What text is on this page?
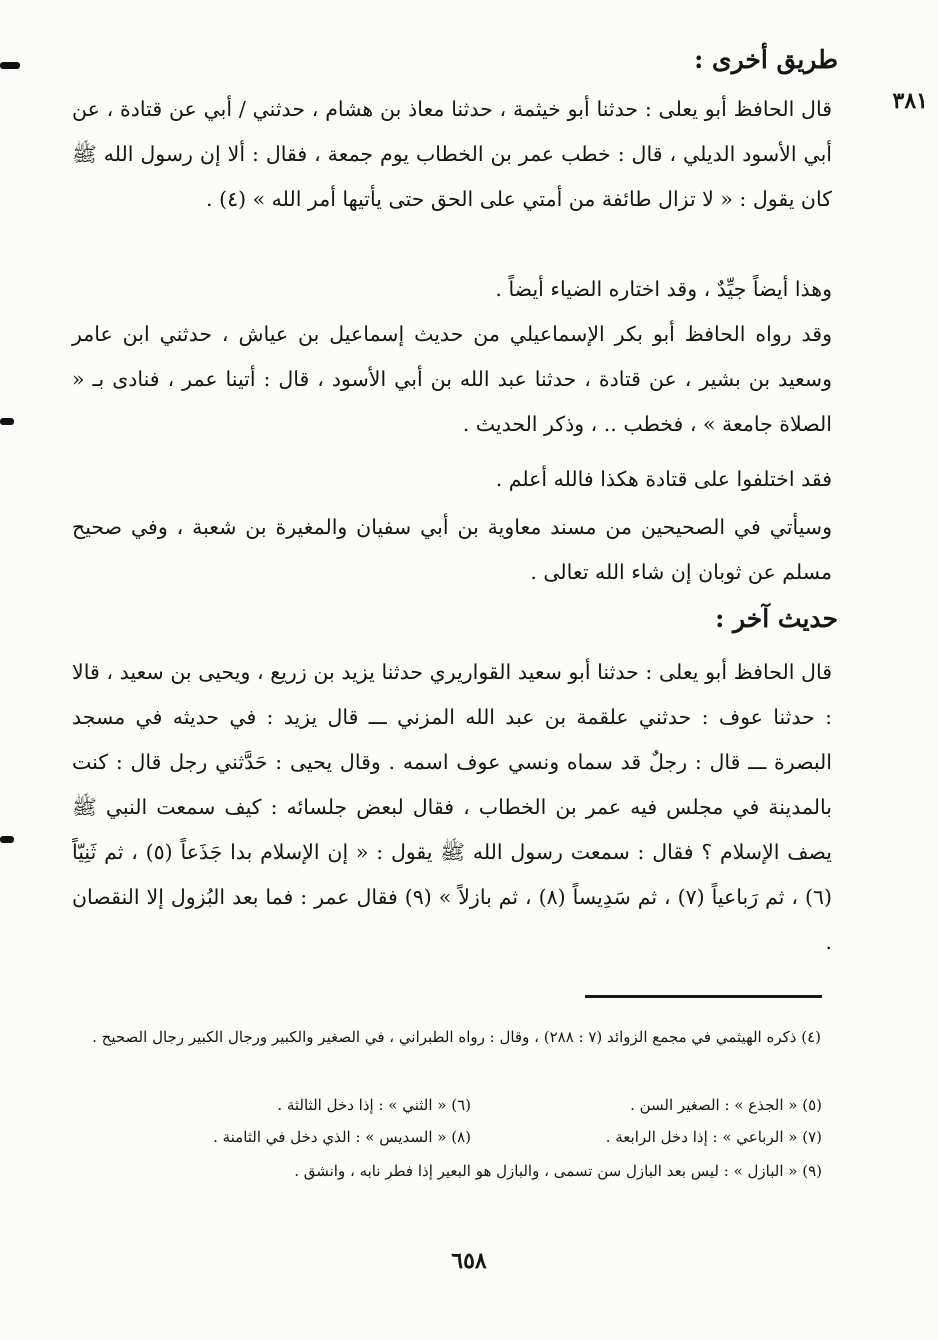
طريق أخرى :
٣٨١
قال الحافظ أبو يعلى : حدثنا أبو خيثمة ، حدثنا معاذ بن هشام ، حدثني / أبي عن قتادة ، عن أبي الأسود الديلي ، قال : خطب عمر بن الخطاب يوم جمعة ، فقال : ألا إن رسول الله ﷺ كان يقول : « لا تزال طائفة من أمتي على الحق حتى يأتيها أمر الله » (٤) .
وهذا أيضاً جيِّدٌ ، وقد اختاره الضياء أيضاً .
وقد رواه الحافظ أبو بكر الإسماعيلي من حديث إسماعيل بن عياش ، حدثني ابن عامر وسعيد بن بشير ، عن قتادة ، حدثنا عبد الله بن أبي الأسود ، قال : أتينا عمر ، فنادى بـ « الصلاة جامعة » ، فخطب .. ، وذكر الحديث .
فقد اختلفوا على قتادة هكذا فالله أعلم .
وسيأتي في الصحيحين من مسند معاوية بن أبي سفيان والمغيرة بن شعبة ، وفي صحيح مسلم عن ثوبان إن شاء الله تعالى .
حديث آخر :
قال الحافظ أبو يعلى : حدثنا أبو سعيد القواريري حدثنا يزيد بن زريع ، ويحيى بن سعيد ، قالا : حدثنا عوف : حدثني علقمة بن عبد الله المزني ـــ قال يزيد : في حديثه في مسجد البصرة ـــ قال : رجلٌ قد سماه ونسي عوف اسمه . وقال يحيى : حَدَّثني رجل قال : كنت بالمدينة في مجلس فيه عمر بن الخطاب ، فقال لبعض جلسائه : كيف سمعت النبي ﷺ يصف الإسلام ؟ فقال : سمعت رسول الله ﷺ يقول : « إن الإسلام بدا جَذَعاً (٥) ، ثم ثَنِيّاً (٦) ، ثم رَباعياً (٧) ، ثم سَدِيساً (٨) ، ثم بازلاً » (٩) فقال عمر : فما بعد البُزول إلا النقصان .
(٤) ذكره الهيثمي في مجمع الزوائد (٧ : ٢٨٨) ، وقال : رواه الطبراني ، في الصغير والكبير ورجال الكبير رجال الصحيح .
(٥) « الجذع » : الصغير السن .
(٦) « الثني » : إذا دخل الثالثة .
(٧) « الرباعي » : إذا دخل الرابعة .
(٨) « السديس » : الذي دخل في الثامنة .
(٩) « البازل » : ليس بعد البازل سن تسمى ، والبازل هو البعير إذا فطر نابه ، وانشق .
٦٥٨
